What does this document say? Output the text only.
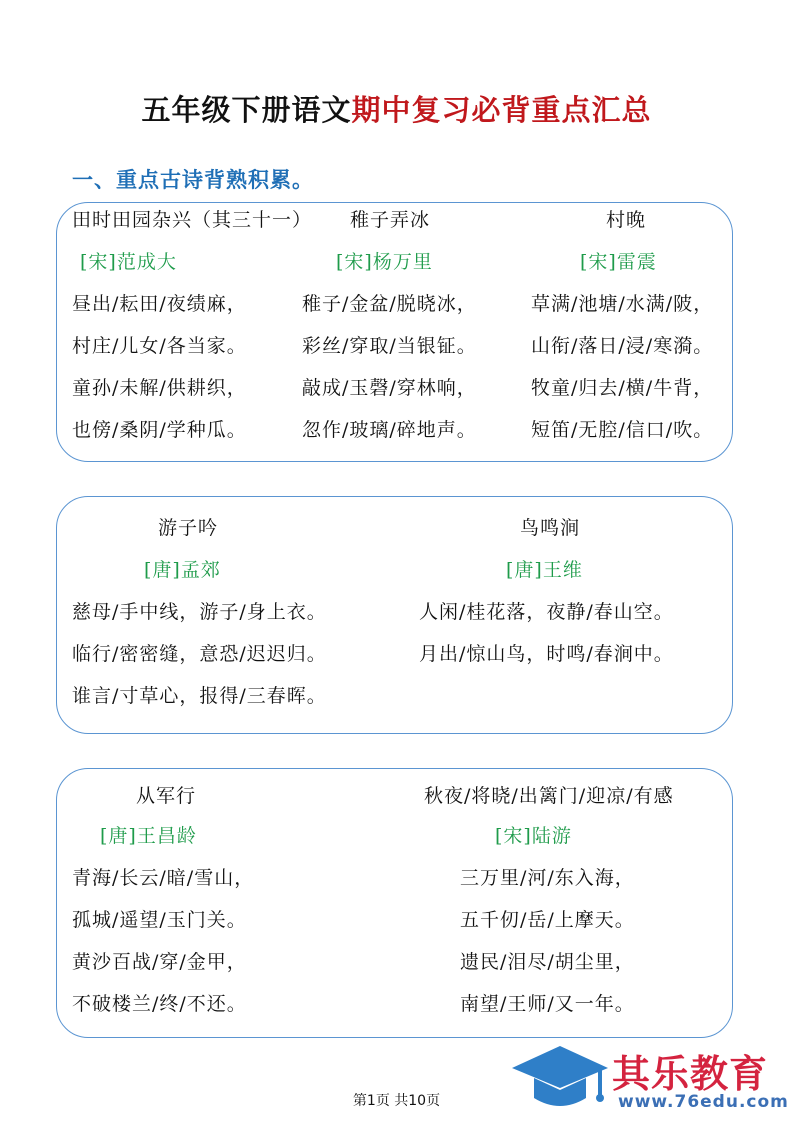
五年级下册语文期中复习必背重点汇总
一、重点古诗背熟积累。
田时田园杂兴（其三十一）
[宋]范成大
昼出/耘田/夜绩麻，
村庄/儿女/各当家。
童孙/未解/供耕织，
也傍/桑阴/学种瓜。
稚子弄冰
[宋]杨万里
稚子/金盆/脱晓冰，
彩丝/穿取/当银钲。
敲成/玉磬/穿林响，
忽作/玻璃/碎地声。
村晚
[宋]雷震
草满/池塘/水满/陂，
山衔/落日/浸/寒漪。
牧童/归去/横/牛背，
短笛/无腔/信口/吹。
游子吟
[唐]孟郊
慈母/手中线，游子/身上衣。
临行/密密缝，意恐/迟迟归。
谁言/寸草心，报得/三春晖。
鸟鸣涧
[唐]王维
人闲/桂花落，夜静/春山空。
月出/惊山鸟，时鸣/春涧中。
从军行
[唐]王昌龄
青海/长云/暗/雪山，
孤城/遥望/玉门关。
黄沙百战/穿/金甲，
不破楼兰/终/不还。
秋夜/将晓/出篱门/迎凉/有感
[宋]陆游
三万里/河/东入海，
五千仞/岳/上摩天。
遗民/泪尽/胡尘里，
南望/王师/又一年。
第1页 共10页
其乐教育
www.76edu.com
